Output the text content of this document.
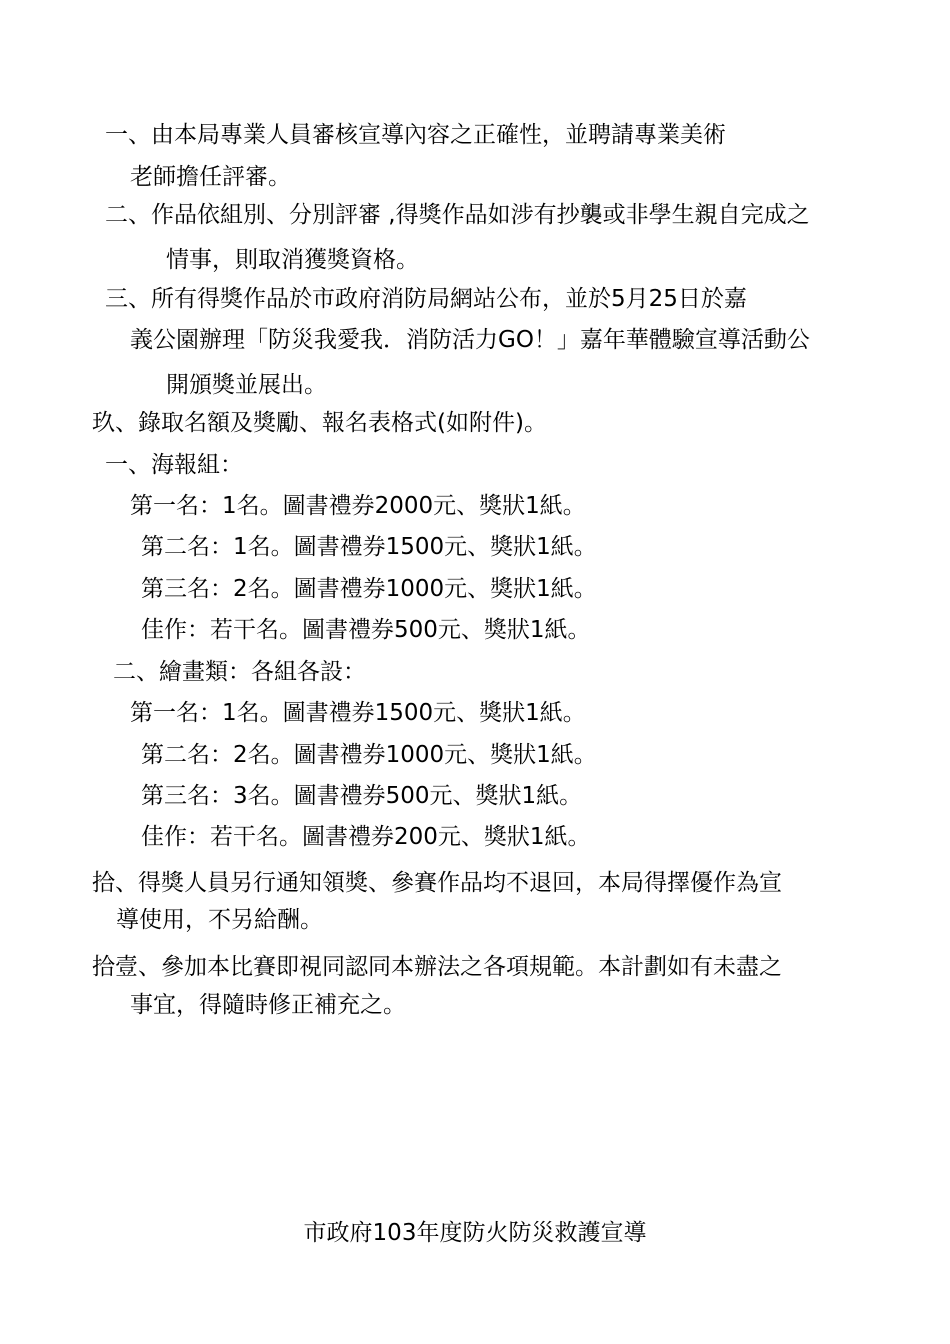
一、由本局專業人員審核宣導內容之正確性，並聘請專業美術
老師擔任評審。
二、作品依組別、分別評審 ,得獎作品如涉有抄襲或非學生親自完成之
情事，則取消獲獎資格。
三、所有得獎作品於市政府消防局網站公布，並於5月25日於嘉
義公園辦理「防災我愛我．消防活力GO！」嘉年華體驗宣導活動公
開頒獎並展出。
玖、錄取名額及獎勵、報名表格式(如附件)。
一、海報組：
第一名：1名。圖書禮券2000元、獎狀1紙。
第二名：1名。圖書禮券1500元、獎狀1紙。
第三名：2名。圖書禮券1000元、獎狀1紙。
佳作：若干名。圖書禮券500元、獎狀1紙。
二、繪畫類：各組各設：
第一名：1名。圖書禮券1500元、獎狀1紙。
第二名：2名。圖書禮券1000元、獎狀1紙。
第三名：3名。圖書禮券500元、獎狀1紙。
佳作：若干名。圖書禮券200元、獎狀1紙。
拾、得獎人員另行通知領獎、參賽作品均不退回，本局得擇優作為宣
導使用，不另給酬。
拾壹、參加本比賽即視同認同本辦法之各項規範。本計劃如有未盡之
事宜，得隨時修正補充之。
市政府103年度防火防災救護宣導
